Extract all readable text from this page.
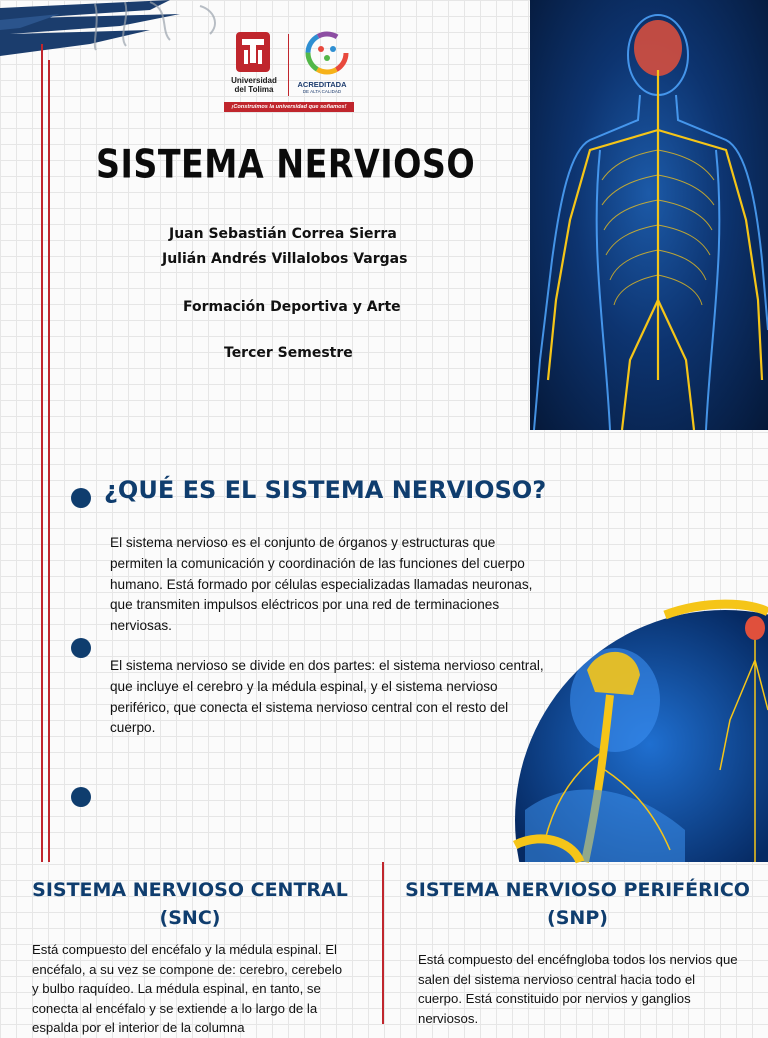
Universidad
del Tolima
ACREDITADA
DE ALTA CALIDAD
¡Construimos la universidad que soñamos!
SISTEMA NERVIOSO
Juan Sebastián Correa Sierra
Julián Andrés Villalobos Vargas
Formación Deportiva y Arte
Tercer Semestre
¿QUÉ ES EL SISTEMA NERVIOSO?
El sistema nervioso es el conjunto de órganos y estructuras que permiten la comunicación y coordinación de las funciones del cuerpo humano. Está formado por células especializadas llamadas neuronas, que transmiten impulsos eléctricos por una red de terminaciones nerviosas.
El sistema nervioso se divide en dos partes: el sistema nervioso central, que incluye el cerebro y la médula espinal, y el sistema nervioso periférico, que conecta el sistema nervioso central con el resto del cuerpo.
SISTEMA NERVIOSO CENTRAL
(SNC)
Está compuesto del encéfalo y la médula espinal. El encéfalo, a su vez se compone de: cerebro, cerebelo y bulbo raquídeo. La médula espinal, en tanto, se conecta al encéfalo y se extiende a lo largo de la espalda por el interior de la columna
SISTEMA NERVIOSO PERIFÉRICO
(SNP)
Está compuesto del encéfngloba todos los nervios que salen del sistema nervioso central hacia todo el cuerpo. Está constituido por nervios y ganglios nerviosos.
